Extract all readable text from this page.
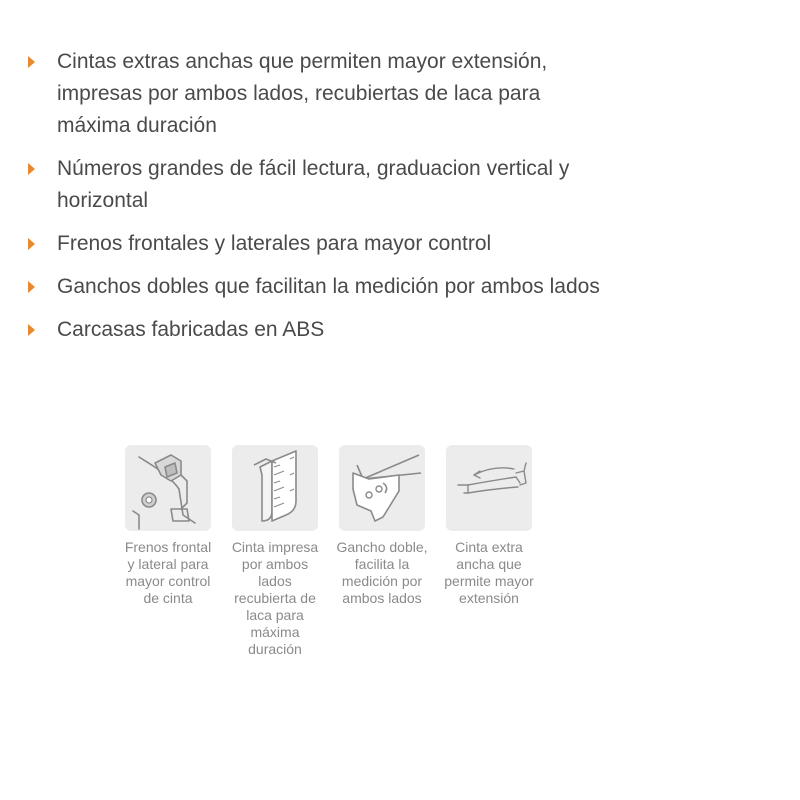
Cintas extras anchas que permiten mayor extensión, impresas por ambos lados, recubiertas de laca para máxima duración
Números grandes de fácil lectura, graduacion vertical y horizontal
Frenos frontales y laterales para mayor control
Ganchos dobles que facilitan la medición por ambos lados
Carcasas fabricadas en ABS
Frenos frontal y lateral para mayor control de cinta
Cinta impresa por ambos lados recubierta de laca para máxima duración
Gancho doble, facilita la medición por ambos lados
Cinta extra ancha que permite mayor extensión
